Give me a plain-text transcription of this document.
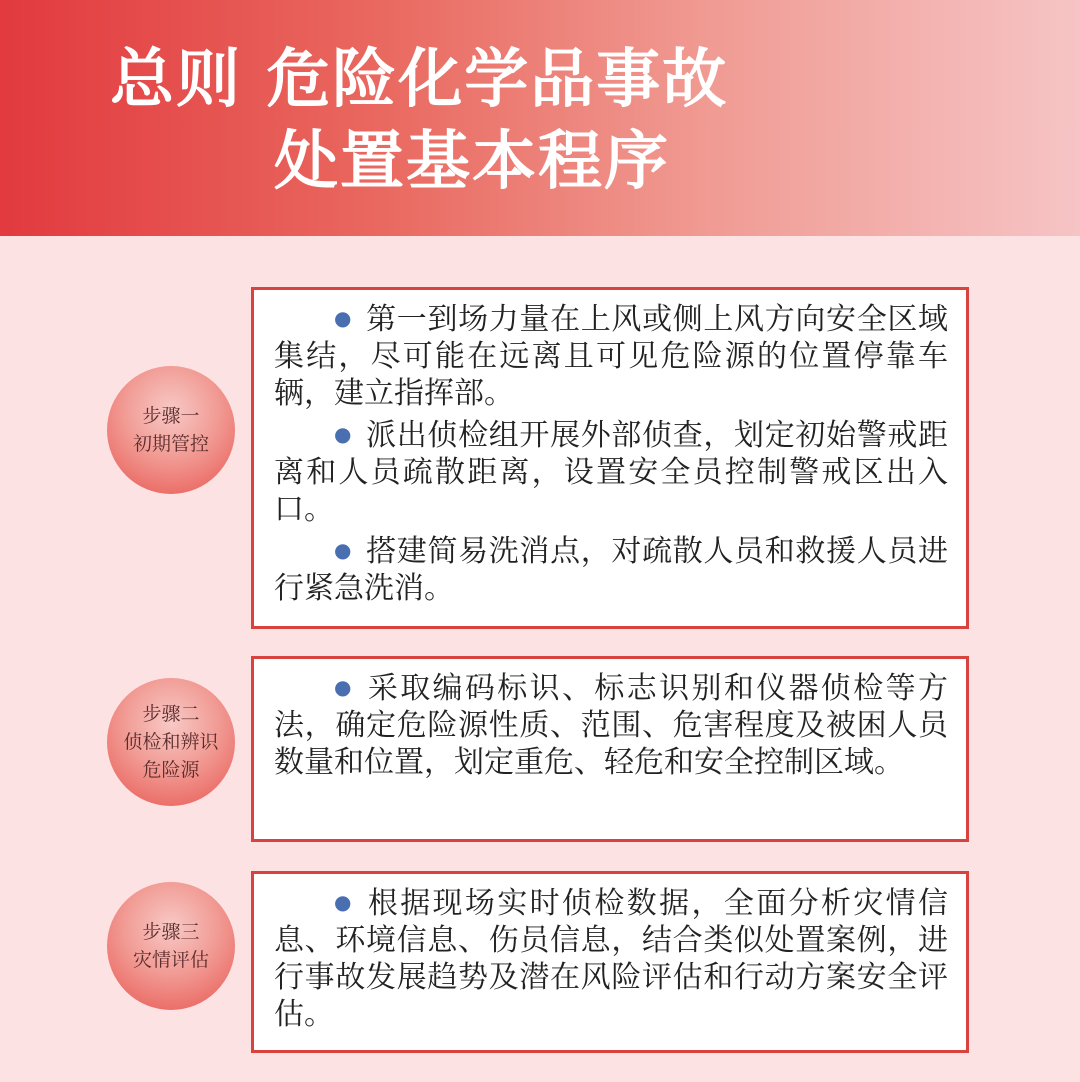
总则 危险化学品事故
处置基本程序
步骤一
初期管控

● 第一到场力量在上风或侧上风方向安全区域集结，尽可能在远离且可见危险源的位置停靠车辆，建立指挥部。

● 派出侦检组开展外部侦查，划定初始警戒距离和人员疏散距离，设置安全员控制警戒区出入口。

● 搭建简易洗消点，对疏散人员和救援人员进行紧急洗消。

步骤二
侦检和辨识
危险源

● 采取编码标识、标志识别和仪器侦检等方法，确定危险源性质、范围、危害程度及被困人员数量和位置，划定重危、轻危和安全控制区域。

步骤三
灾情评估

● 根据现场实时侦检数据，全面分析灾情信息、环境信息、伤员信息，结合类似处置案例，进行事故发展趋势及潜在风险评估和行动方案安全评估。
